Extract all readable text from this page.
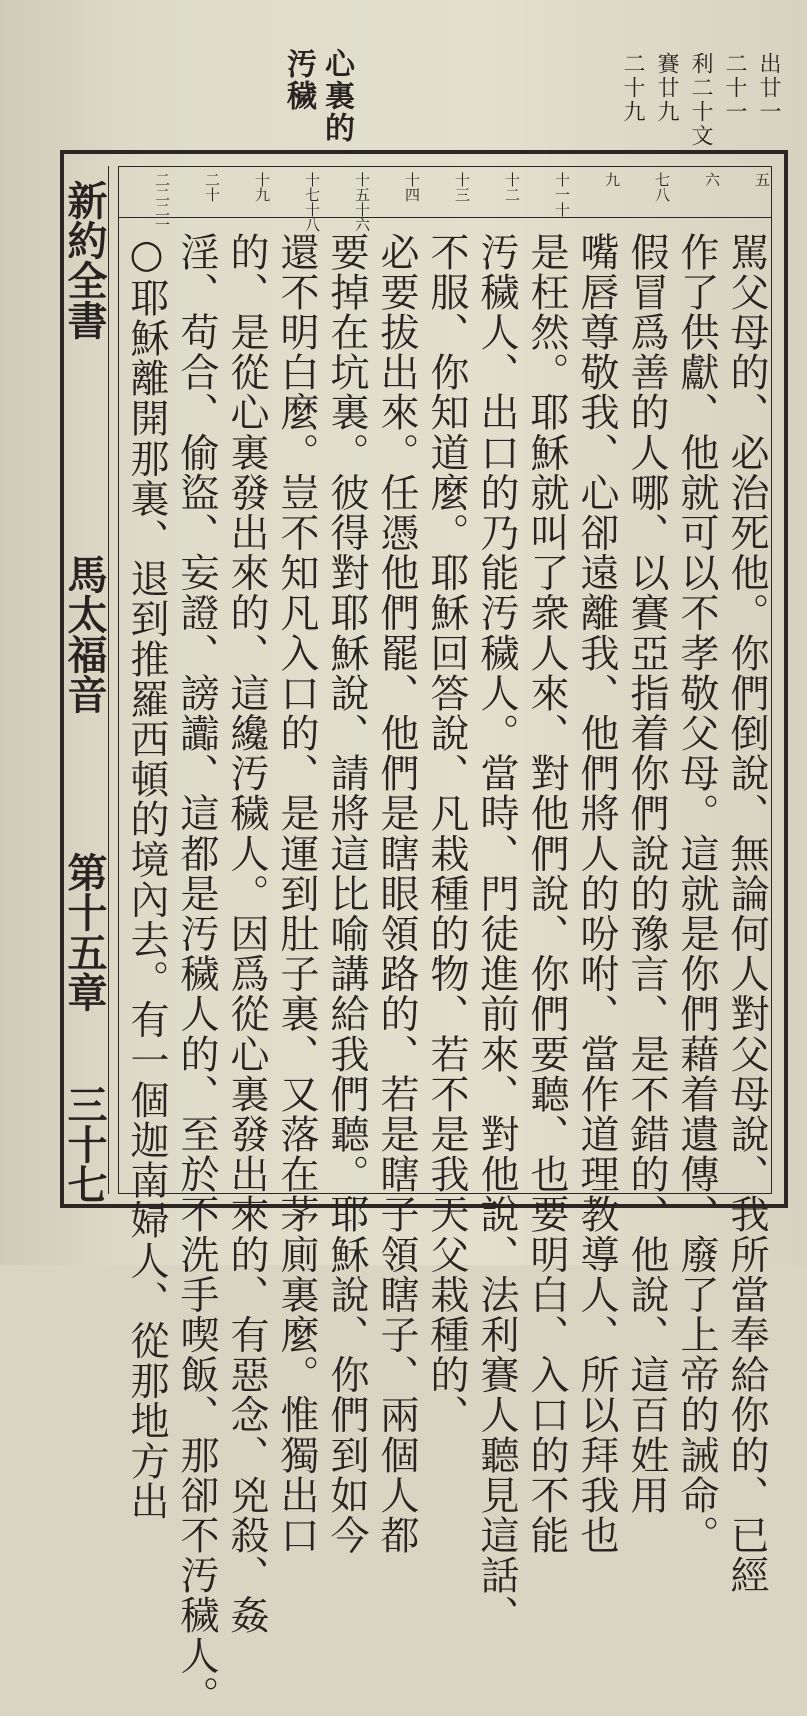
心裏的
汚穢	出廿一
二十一
利二十文
賽廿九
二十九
五
六
七八
九
十一十
十二
十三
十四
十五十六
十七十八
十九
二十
二二二一
駡父母的、必治死他。你們倒說、無論何人對父母說、我所當奉給你的、已經
作了供獻、他就可以不孝敬父母。這就是你們藉着遺傳、廢了上帝的誡命。
假冒爲善的人哪、以賽亞指着你們說的豫言、是不錯的、他說、這百姓用
嘴唇尊敬我、心卻遠離我、他們將人的吩咐、當作道理教導人、所以拜我也
是枉然。耶穌就叫了衆人來、對他們說、你們要聽、也要明白、入口的不能
汚穢人、出口的乃能汚穢人。當時、門徒進前來、對他說、法利賽人聽見這話、
不服、你知道麼。耶穌回答說、凡栽種的物、若不是我天父栽種的、
必要拔出來。任憑他們罷、他們是瞎眼領路的、若是瞎子領瞎子、兩個人都
要掉在坑裏。彼得對耶穌說、請將這比喻講給我們聽。耶穌說、你們到如今
還不明白麼。豈不知凡入口的、是運到肚子裏、又落在茅廁裏麼。惟獨出口
的、是從心裏發出來的、這纔汚穢人。因爲從心裏發出來的、有惡念、兇殺、姦
淫、苟合、偷盜、妄證、謗讟、這都是汚穢人的、至於不洗手喫飯、那卻不汚穢人。
○耶穌離開那裏、退到推羅西頓的境內去。有一個迦南婦人、從那地方出
新約全書
馬太福音
第十五章
三十七
